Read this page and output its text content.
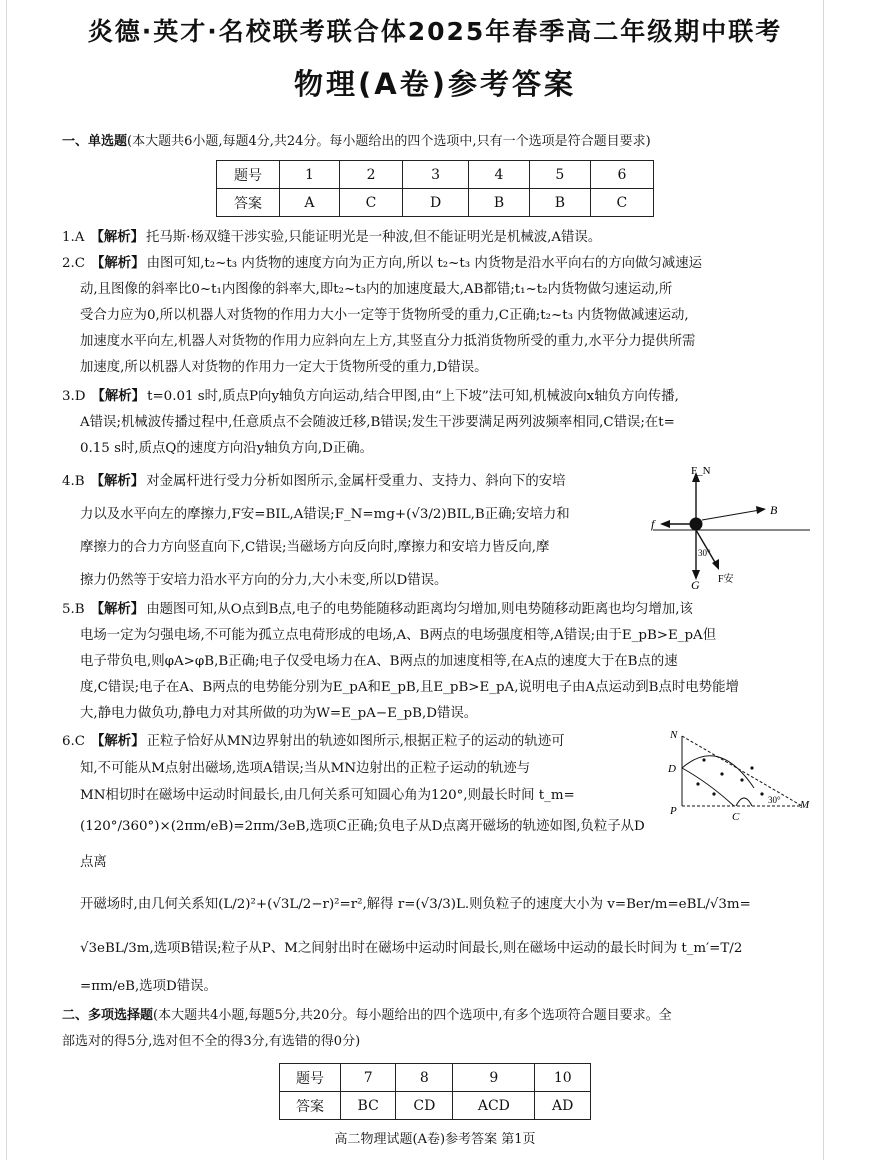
炎德·英才·名校联考联合体2025年春季高二年级期中联考
物理(A卷)参考答案
一、单选题(本大题共6小题,每题4分,共24分。每小题给出的四个选项中,只有一个选项是符合题目要求)
题号	1	2	3	4	5	6
答案	A	C	D	B	B	C
1.A 【解析】 托马斯·杨双缝干涉实验,只能证明光是一种波,但不能证明光是机械波,A错误。
2.C 【解析】 由图可知,t₂~t₃ 内货物的速度方向为正方向,所以 t₂~t₃ 内货物是沿水平向右的方向做匀减速运
动,且图像的斜率比0~t₁内图像的斜率大,即t₂~t₃内的加速度最大,AB都错;t₁~t₂内货物做匀速运动,所
受合力应为0,所以机器人对货物的作用力大小一定等于货物所受的重力,C正确;t₂~t₃ 内货物做减速运动,
加速度水平向左,机器人对货物的作用力应斜向左上方,其竖直分力抵消货物所受的重力,水平分力提供所需
加速度,所以机器人对货物的作用力一定大于货物所受的重力,D错误。
3.D 【解析】 t=0.01 s时,质点P向y轴负方向运动,结合甲图,由“上下坡”法可知,机械波向x轴负方向传播,
A错误;机械波传播过程中,任意质点不会随波迁移,B错误;发生干涉要满足两列波频率相同,C错误;在t=
0.15 s时,质点Q的速度方向沿y轴负方向,D正确。
4.B 【解析】 对金属杆进行受力分析如图所示,金属杆受重力、支持力、斜向下的安培
力以及水平向左的摩擦力,F安=BIL,A错误;F_N=mg+(√3/2)BIL,B正确;安培力和
摩擦力的合力方向竖直向下,C错误;当磁场方向反向时,摩擦力和安培力皆反向,摩
擦力仍然等于安培力沿水平方向的分力,大小未变,所以D错误。
F_N
B
f
30°
G F安
5.B 【解析】 由题图可知,从O点到B点,电子的电势能随移动距离均匀增加,则电势随移动距离也均匀增加,该
电场一定为匀强电场,不可能为孤立点电荷形成的电场,A、B两点的电场强度相等,A错误;由于E_pB>E_pA但
电子带负电,则φA>φB,B正确;电子仅受电场力在A、B两点的加速度相等,在A点的速度大于在B点的速
度,C错误;电子在A、B两点的电势能分别为E_pA和E_pB,且E_pB>E_pA,说明电子由A点运动到B点时电势能增
大,静电力做负功,静电力对其所做的功为W=E_pA−E_pB,D错误。
6.C 【解析】 正粒子恰好从MN边界射出的轨迹如图所示,根据正粒子的运动的轨迹可
知,不可能从M点射出磁场,选项A错误;当从MN边射出的正粒子运动的轨迹与
MN相切时在磁场中运动时间最长,由几何关系可知圆心角为120°,则最长时间 t_m=
(120°/360°)×(2πm/eB)=2πm/3eB,选项C正确;负电子从D点离开磁场的轨迹如图,负粒子从D点离
开磁场时,由几何关系知(L/2)²+(√3L/2−r)²=r²,解得 r=(√3/3)L.则负粒子的速度大小为 v=Ber/m=eBL/√3m=
√3eBL/3m,选项B错误;粒子从P、M之间射出时在磁场中运动时间最长,则在磁场中运动的最长时间为 t_m′=T/2
=πm/eB,选项D错误。
N
D
P	C
M
30°
二、多项选择题(本大题共4小题,每题5分,共20分。每小题给出的四个选项中,有多个选项符合题目要求。全
部选对的得5分,选对但不全的得3分,有选错的得0分)
题号	7	8	9	10
答案	BC	CD	ACD	AD
高二物理试题(A卷)参考答案 第1页
